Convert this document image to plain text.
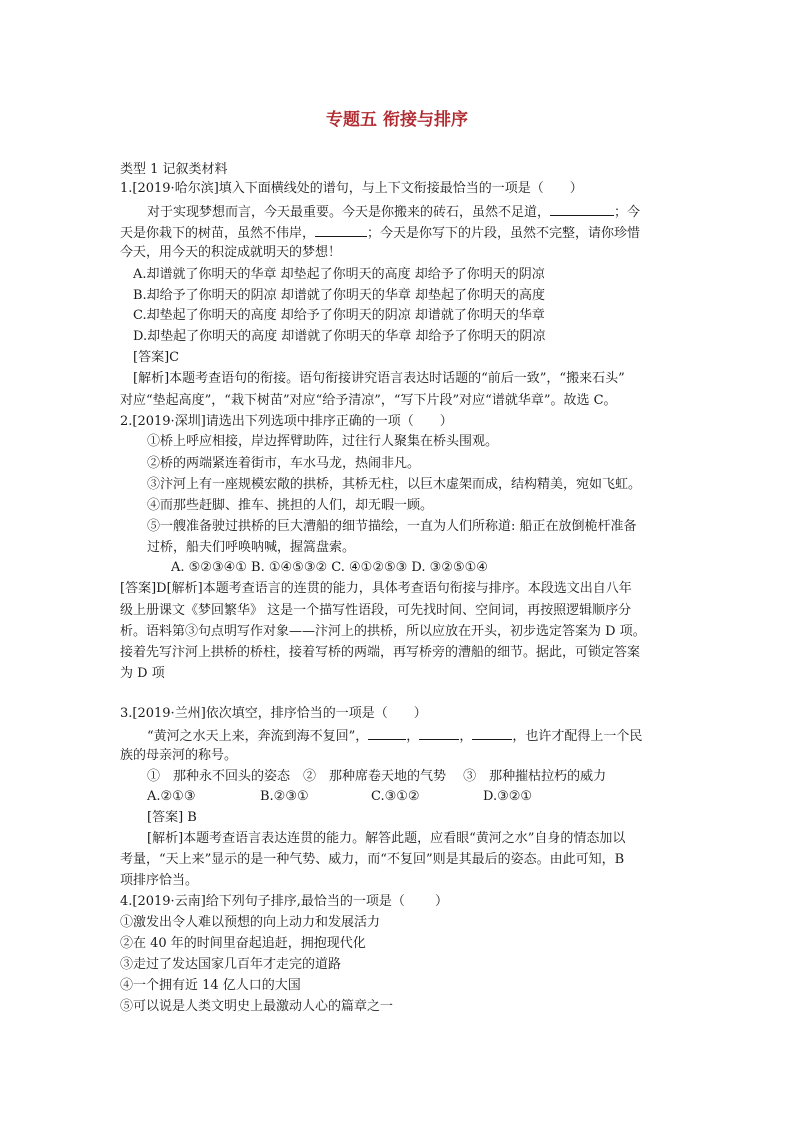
专题五 衔接与排序
类型 1 记叙类材料
1.[2019·哈尔滨]填入下面横线处的谱句，与上下文衔接最恰当的一项是（　　）
对于实现梦想而言，今天最重要。今天是你搬来的砖石，虽然不足道，	；今
天是你栽下的树苗，虽然不伟岸，	；今天是你写下的片段，虽然不完整，请你珍惜
今天，用今天的积淀成就明天的梦想！
A.却谱就了你明天的华章 却垫起了你明天的高度 却给予了你明天的阴凉
B.却给予了你明天的阴凉 却谱就了你明天的华章 却垫起了你明天的高度
C.却垫起了你明天的高度 却给予了你明天的阴凉 却谱就了你明天的华章
D.却垫起了你明天的高度 却谱就了你明天的华章 却给予了你明天的阴凉
[答案]C
[解析]本题考查语句的衔接。语句衔接讲究语言表达时话题的“前后一致”，“搬来石头”
对应“垫起高度”，“栽下树苗”对应“给予清凉”，“写下片段”对应“谱就华章”。故选 C。
2.[2019·深圳]请选出下列选项中排序正确的一项（　　）
①桥上呼应相接，岸边挥臂助阵，过往行人聚集在桥头围观。
②桥的两端紧连着街市，车水马龙，热闹非凡。
③汴河上有一座规模宏敞的拱桥，其桥无柱，以巨木虚架而成，结构精美，宛如飞虹。
④而那些赶脚、推车、挑担的人们，却无暇一顾。
⑤一艘准备驶过拱桥的巨大漕船的细节描绘，一直为人们所称道: 船正在放倒桅杆准备
过桥，船夫们呼唤呐喊，握篙盘索。
A. ⑤②③④① B. ①④⑤③② C. ④①②⑤③ D. ③②⑤①④
[答案]D[解析]本题考查语言的连贯的能力，具体考查语句衔接与排序。本段选文出自八年
级上册课文《梦回繁华》 这是一个描写性语段，可先找时间、空间词，再按照逻辑顺序分
析。语料第③句点明写作对象——汴河上的拱桥，所以应放在开头，初步选定答案为 D 项。
接着先写汴河上拱桥的桥柱，接着写桥的两端，再写桥旁的漕船的细节。据此，可锁定答案
为 D 项
3.[2019·兰州]依次填空，排序恰当的一项是（　　）
“黄河之水天上来，奔流到海不复回”，	，	，	，也许才配得上一个民
族的母亲河的称号。
①　那种永不回头的姿态　②　那种席卷天地的气势　 ③　那种摧枯拉朽的威力
A.②①③	B.②③①	C.③①②	D.③②①
[答案] B
[解析]本题考查语言表达连贯的能力。解答此题，应看眼“黄河之水”自身的情态加以
考量，“天上来”显示的是一种气势、威力，而“不复回”则是其最后的姿态。由此可知，B
项排序恰当。
4.[2019·云南]给下列句子排序,最恰当的一项是（　　 ）
①激发出令人难以预想的向上动力和发展活力
②在 40 年的时间里奋起追赶，拥抱现代化
③走过了发达国家几百年才走完的道路
④一个拥有近 14 亿人口的大国
⑤可以说是人类文明史上最激动人心的篇章之一
